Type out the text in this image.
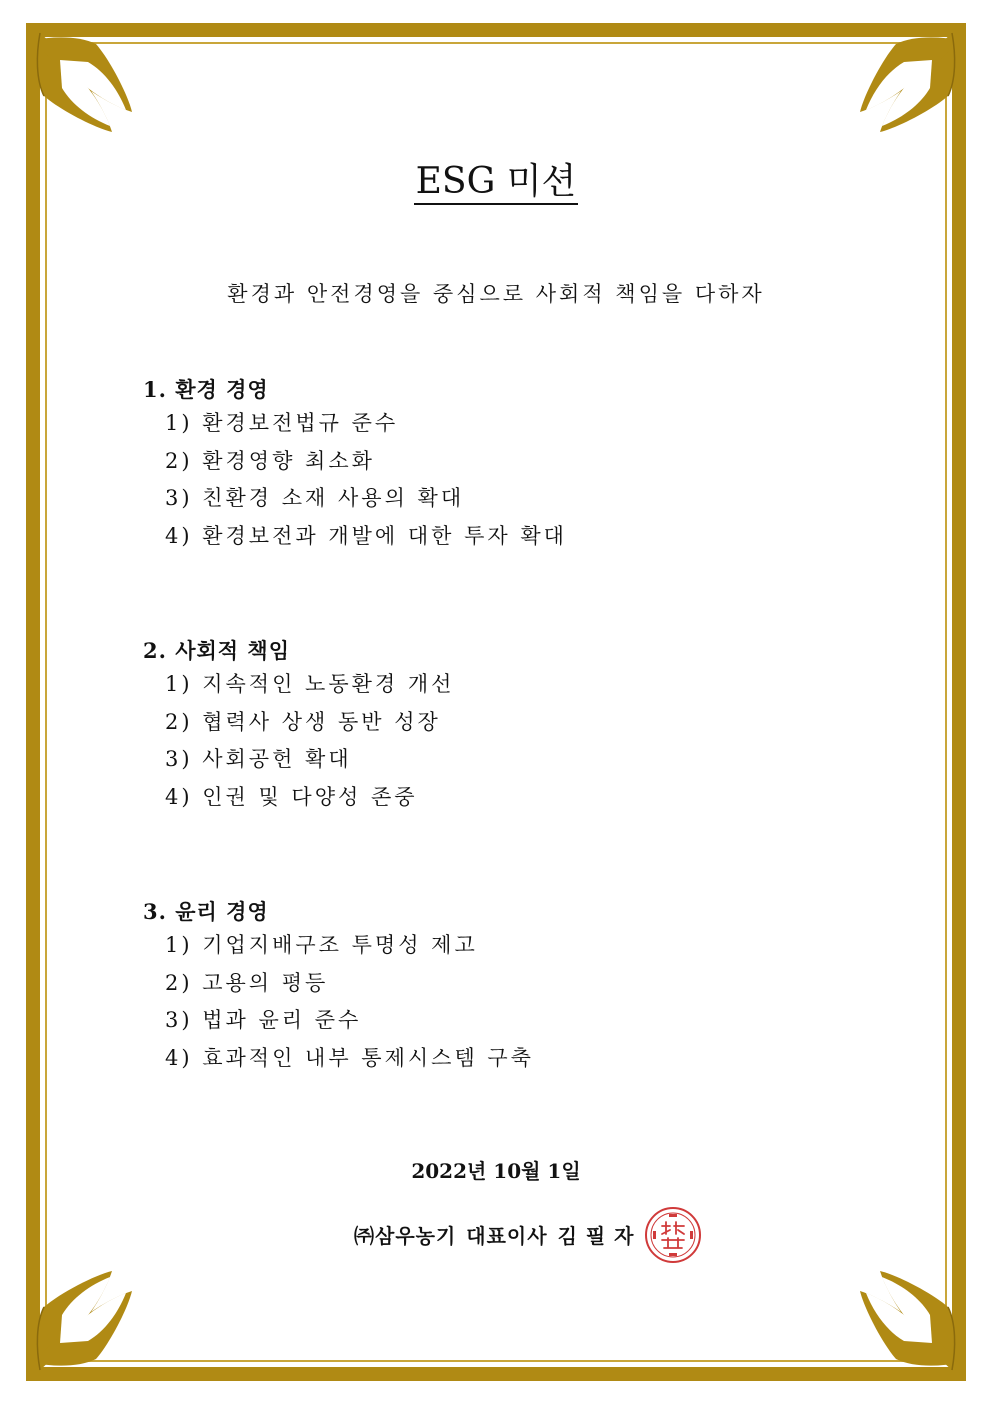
ESG 미션
환경과 안전경영을 중심으로 사회적 책임을 다하자
1. 환경 경영
1) 환경보전법규 준수
2) 환경영향 최소화
3) 친환경 소재 사용의 확대
4) 환경보전과 개발에 대한 투자 확대
2. 사회적 책임
1) 지속적인 노동환경 개선
2) 협력사 상생 동반 성장
3) 사회공헌 확대
4) 인권 및 다양성 존중
3. 윤리 경영
1) 기업지배구조 투명성 제고
2) 고용의 평등
3) 법과 윤리 준수
4) 효과적인 내부 통제시스템 구축
2022년 10월 1일
㈜삼우농기 대표이사 김 필 자
